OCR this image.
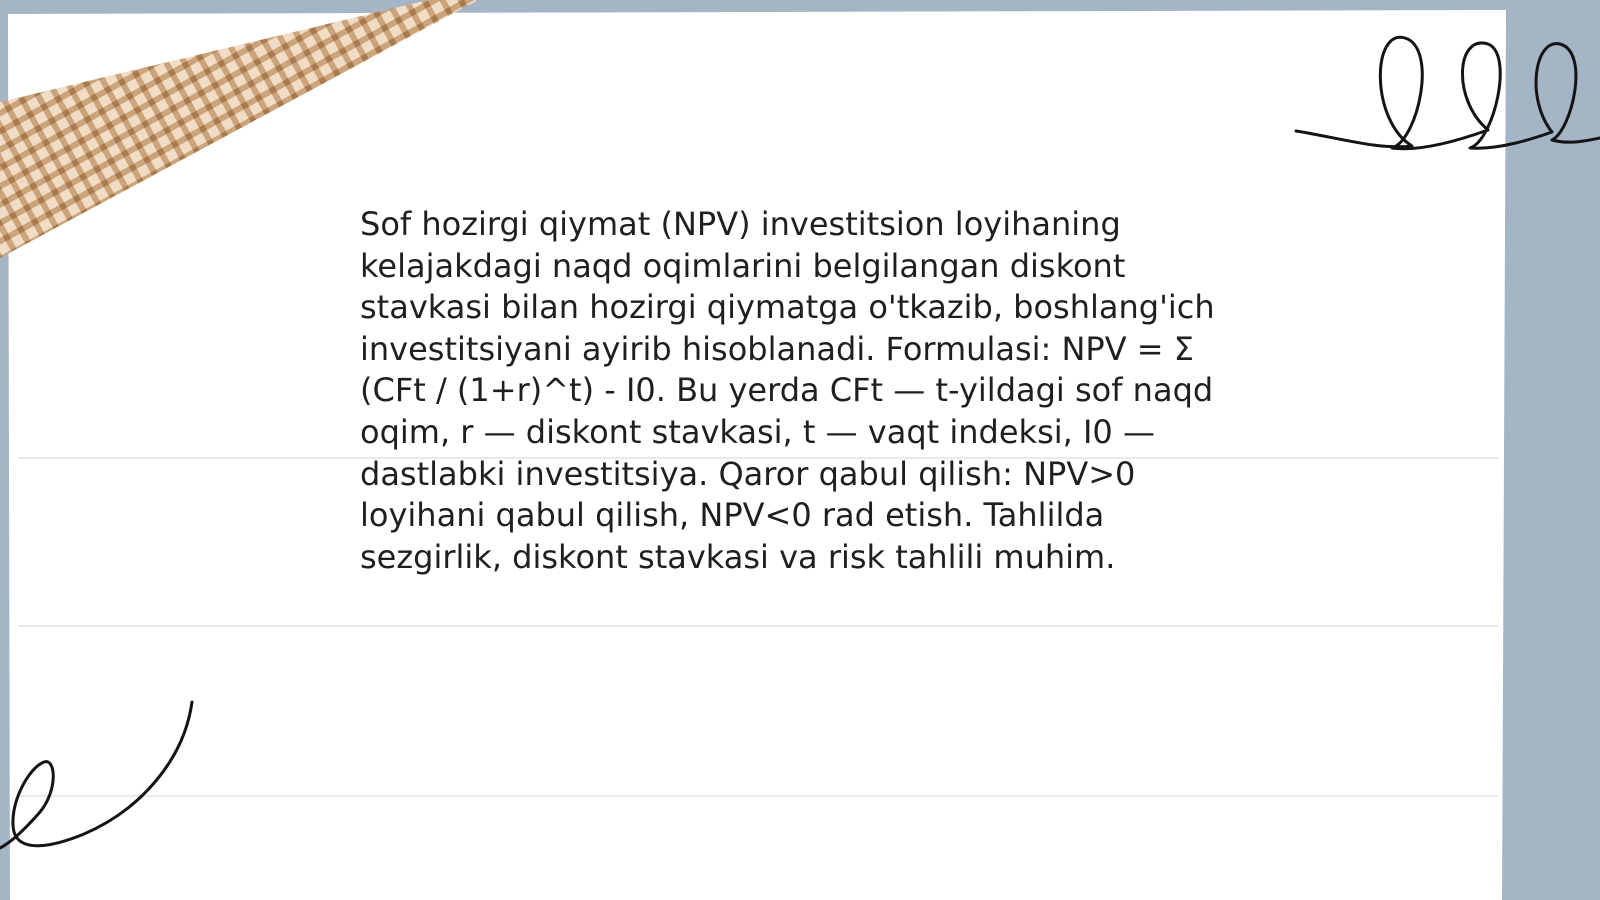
Sof hozirgi qiymat (NPV) investitsion loyihaning kelajakdagi naqd oqimlarini belgilangan diskont stavkasi bilan hozirgi qiymatga o'tkazib, boshlang'ich investitsiyani ayirib hisoblanadi. Formulasi: NPV = Σ (CFt / (1+r)^t) - I0. Bu yerda CFt — t-yildagi sof naqd oqim, r — diskont stavkasi, t — vaqt indeksi, I0 — dastlabki investitsiya. Qaror qabul qilish: NPV>0 loyihani qabul qilish, NPV<0 rad etish. Tahlilda sezgirlik, diskont stavkasi va risk tahlili muhim.
